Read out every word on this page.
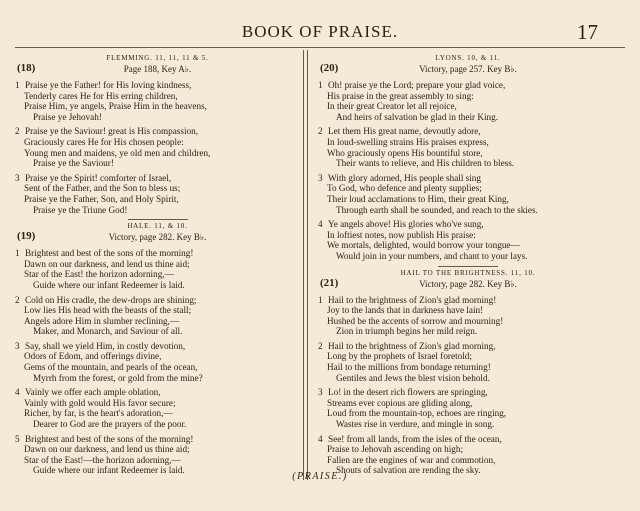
BOOK OF PRAISE.	17
FLEMMING. 11, 11, 11 & 5.
(18)	Page 188, Key A♭.
1 Praise ye the Father! for His loving kindness,
Tenderly cares He for His erring children,
Praise Him, ye angels, Praise Him in the heavens,
Praise ye Jehovah!
2 Praise ye the Saviour! great is His compassion,
Graciously cares He for His chosen people:
Young men and maidens, ye old men and children,
Praise ye the Saviour!
3 Praise ye the Spirit! comforter of Israel,
Sent of the Father, and the Son to bless us;
Praise ye the Father, Son, and Holy Spirit,
Praise ye the Triune God!
HALE. 11, & 10.
(19)	Victory, page 282. Key B♭.
1 Brightest and best of the sons of the morning!
Dawn on our darkness, and lend us thine aid;
Star of the East! the horizon adorning,—
Guide where our infant Redeemer is laid.
2 Cold on His cradle, the dew-drops are shining;
Low lies His head with the beasts of the stall;
Angels adore Him in slumber reclining,—
Maker, and Monarch, and Saviour of all.
3 Say, shall we yield Him, in costly devotion,
Odors of Edom, and offerings divine,
Gems of the mountain, and pearls of the ocean,
Myrrh from the forest, or gold from the mine?
4 Vainly we offer each ample oblation,
Vainly with gold would His favor secure;
Richer, by far, is the heart's adoration,—
Dearer to God are the prayers of the poor.
5 Brightest and best of the sons of the morning!
Dawn on our darkness, and lend us thine aid;
Star of the East!—the horizon adorning,—
Guide where our infant Redeemer is laid.
LYONS. 10, & 11.
(20)	Victory, page 257. Key B♭.
1 Oh! praise ye the Lord; prepare your glad voice,
His praise in the great assembly to sing:
In their great Creator let all rejoice,
And heirs of salvation be glad in their King.
2 Let them His great name, devoutly adore,
In loud-swelling strains His praises express,
Who graciously opens His bountiful store,
Their wants to relieve, and His children to bless.
3 With glory adorned, His people shall sing
To God, who defence and plenty supplies;
Their loud acclamations to Him, their great King,
Through earth shall be sounded, and reach to the skies.
4 Ye angels above! His glories who've sung,
In loftiest notes, now publish His praise:
We mortals, delighted, would borrow your tongue—
Would join in your numbers, and chant to your lays.
HAIL TO THE BRIGHTNESS. 11, 10.
(21)	Victory, page 282. Key B♭.
1 Hail to the brightness of Zion's glad morning!
Joy to the lands that in darkness have lain!
Hushed be the accents of sorrow and mourning!
Zion in triumph begins her mild reign.
2 Hail to the brightness of Zion's glad morning,
Long by the prophets of Israel foretold;
Hail to the millions from bondage returning!
Gentiles and Jews the blest vision behold.
3 Lo! in the desert rich flowers are springing,
Streams ever copious are gliding along,
Loud from the mountain-top, echoes are ringing,
Wastes rise in verdure, and mingle in song.
4 See! from all lands, from the isles of the ocean,
Praise to Jehovah ascending on high;
Fallen are the engines of war and commotion,
Shouts of salvation are rending the sky.
(PRAISE.)
